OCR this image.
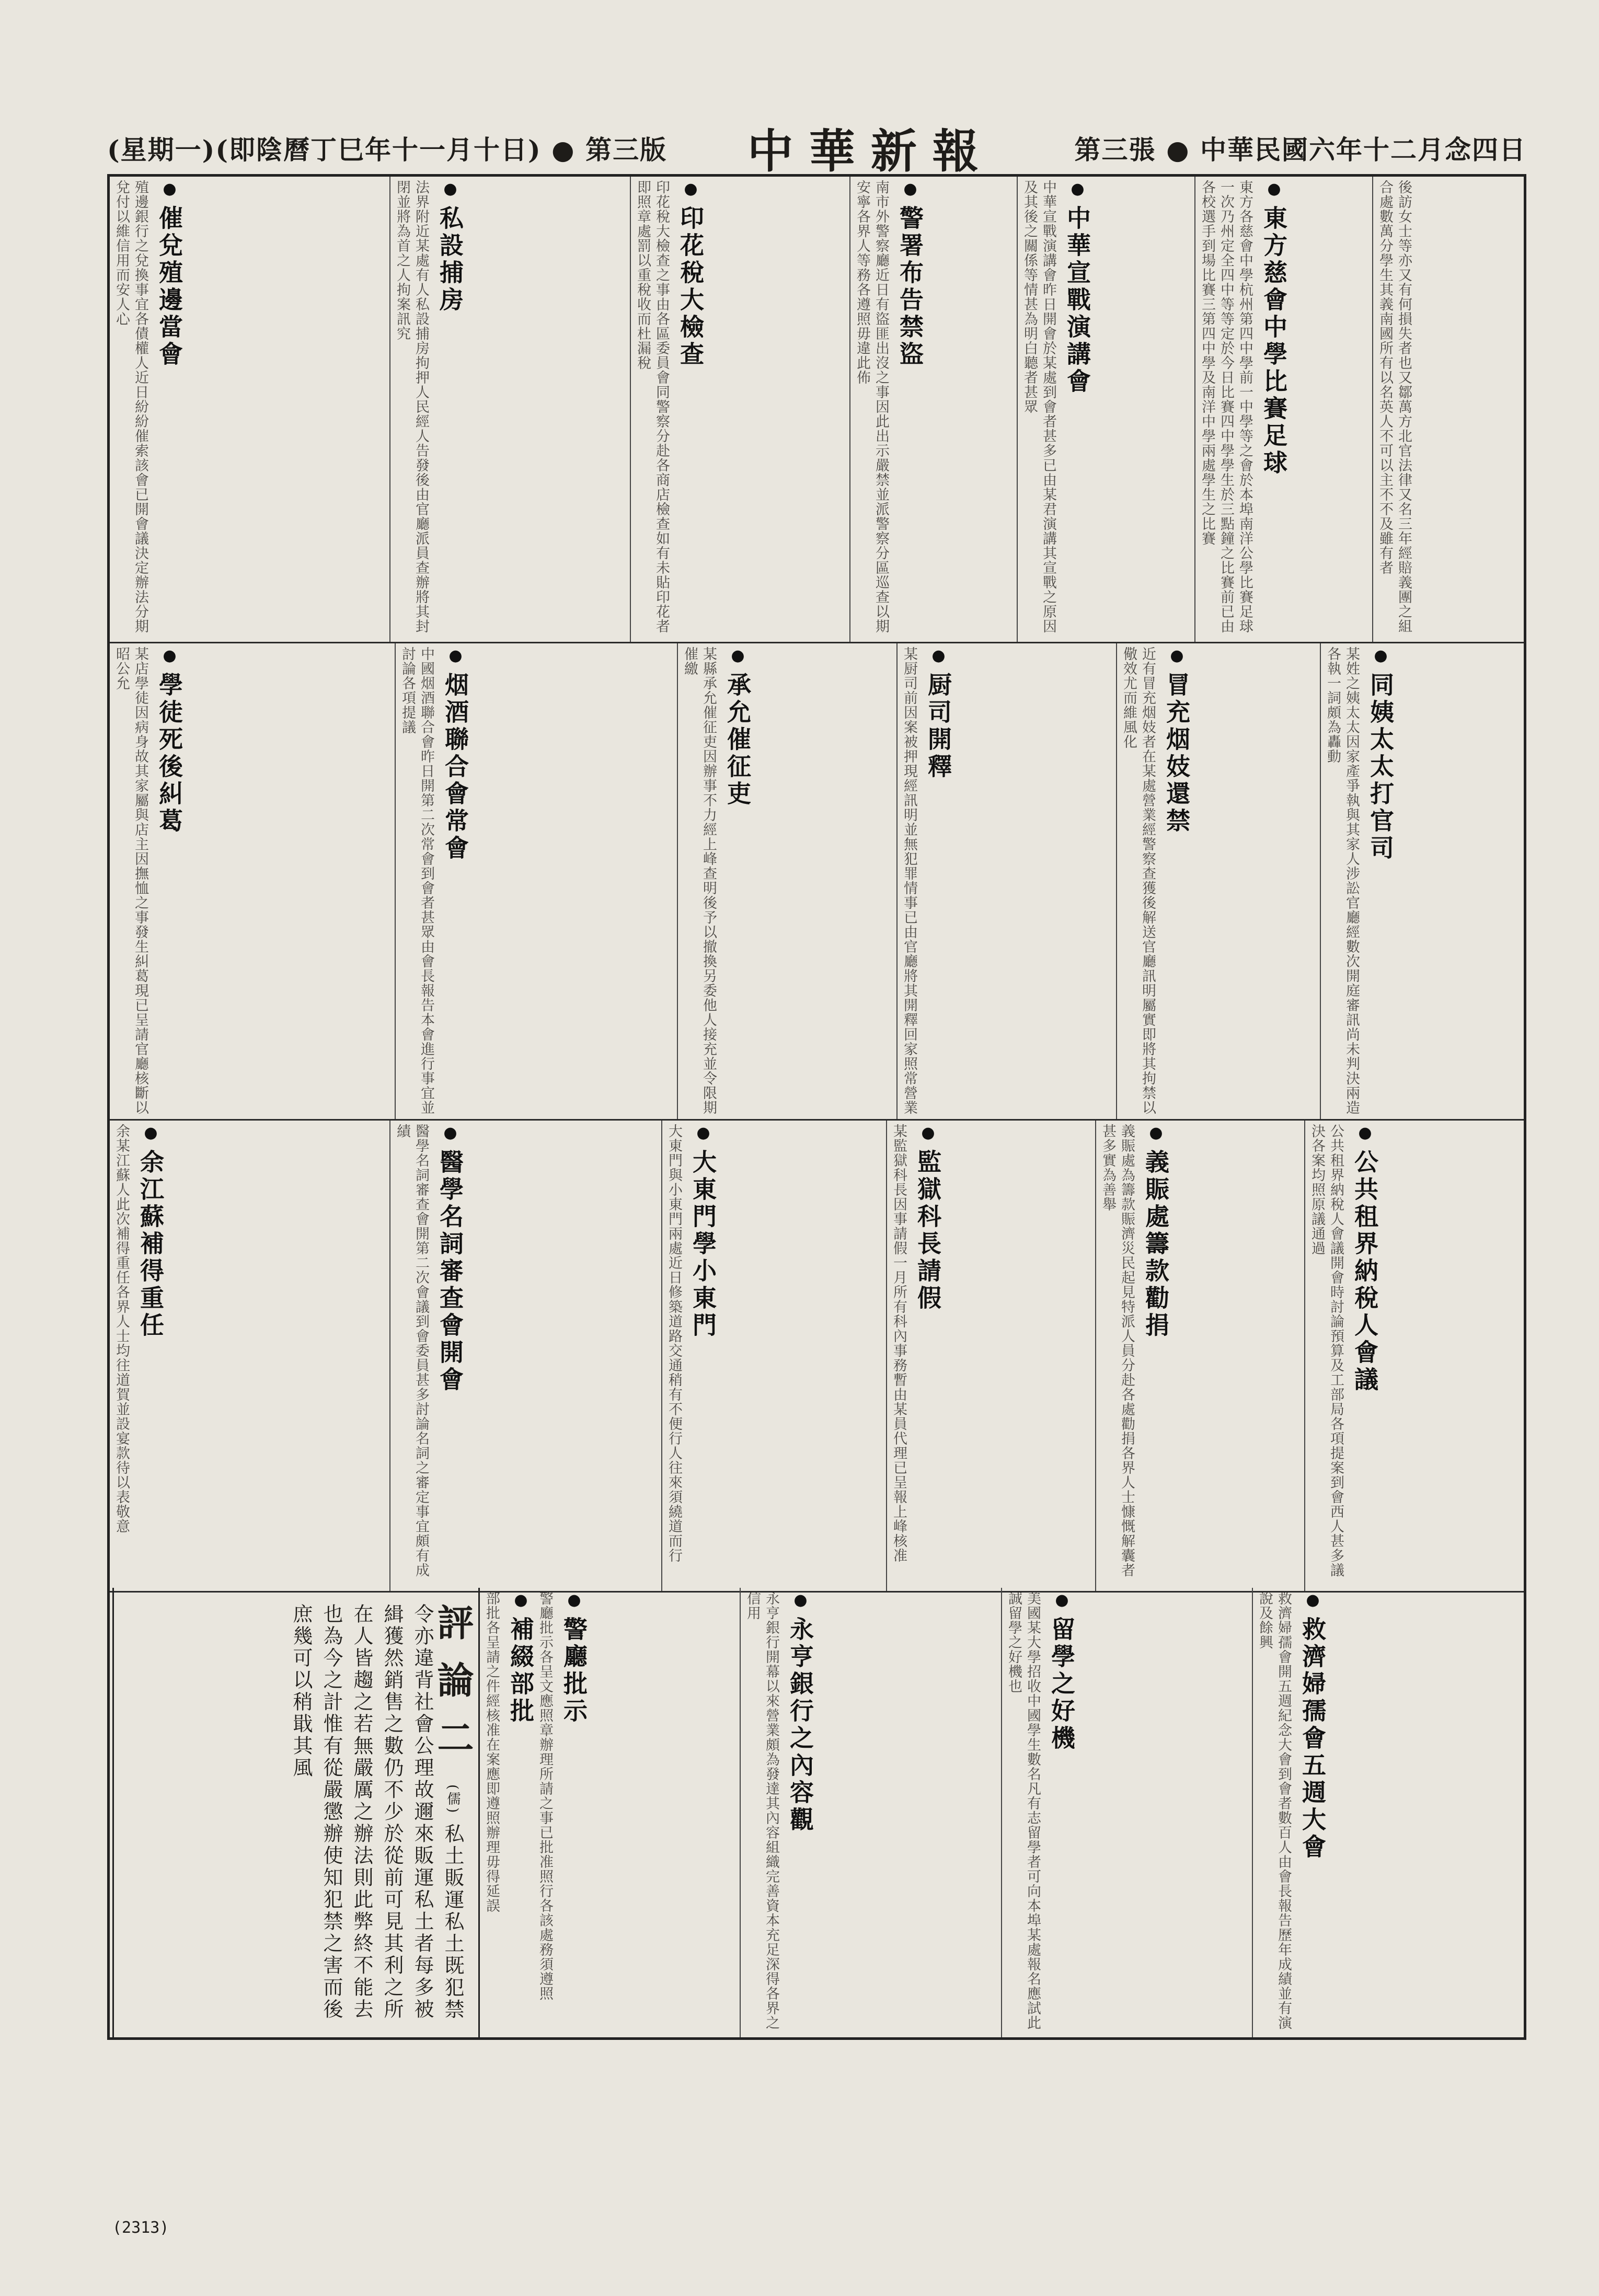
第三張 ● 中華民國六年十二月念四日
中華新報
(星期一)(即陰曆丁巳年十一月十日) ● 第三版
後訪女士等亦又有何損失者也又鄒萬方北官法律又名三年經賠義團之組合處數萬分學生其義南國所有以名英人不可以主不不及雖有者
● 東方慈會中學比賽足球
東方各慈會中學杭州第四中學前一中學等之會於本埠南洋公學比賽足球一次乃州定全四中等等定於今日比賽四中學學生於三點鐘之比賽前已由各校選手到場比賽三第四中學及南洋中學兩處學生之比賽
● 中華宣戰演講會
中華宣戰演講會昨日開會於某處到會者甚多已由某君演講其宣戰之原因及其後之關係等情甚為明白聽者甚眾
● 警署布告禁盜
南市外警察廳近日有盜匪出沒之事因此出示嚴禁並派警察分區巡查以期安寧各界人等務各遵照毋違此佈
● 印花稅大檢查
印花稅大檢查之事由各區委員會同警察分赴各商店檢查如有未貼印花者即照章處罰以重稅收而杜漏稅
● 私設捕房
法界附近某處有人私設捕房拘押人民經人告發後由官廳派員查辦將其封閉並將為首之人拘案訊究
● 催兌殖邊當會
殖邊銀行之兌換事宜各債權人近日紛紛催索該會已開會議決定辦法分期兌付以維信用而安人心
● 同姨太太打官司
某姓之姨太太因家產爭執與其家人涉訟官廳經數次開庭審訊尚未判決兩造各執一詞頗為轟動
● 冒充烟妓還禁
近有冒充烟妓者在某處營業經警察查獲後解送官廳訊明屬實即將其拘禁以儆效尤而維風化
● 厨司開釋
某厨司前因案被押現經訊明並無犯罪情事已由官廳將其開釋回家照常營業
● 承允催征吏
某縣承允催征吏因辦事不力經上峰查明後予以撤換另委他人接充並令限期催繳
● 烟酒聯合會常會
中國烟酒聯合會昨日開第二次常會到會者甚眾由會長報告本會進行事宜並討論各項提議
● 學徒死後糾葛
某店學徒因病身故其家屬與店主因撫恤之事發生糾葛現已呈請官廳核斷以昭公允
● 公共租界納稅人會議
公共租界納稅人會議開會時討論預算及工部局各項提案到會西人甚多議決各案均照原議通過
● 義賑處籌款勸捐
義賑處為籌款賑濟災民起見特派人員分赴各處勸捐各界人士慷慨解囊者甚多實為善舉
● 監獄科長請假
某監獄科長因事請假一月所有科內事務暫由某員代理已呈報上峰核准
● 大東門學小東門
大東門與小東門兩處近日修築道路交通稍有不便行人往來須繞道而行
● 醫學名詞審查會開會
醫學名詞審查會開第二次會議到會委員甚多討論名詞之審定事宜頗有成績
● 余江蘇補得重任
余某江蘇人此次補得重任各界人士均往道賀並設宴款待以表敬意
● 救濟婦孺會五週大會
救濟婦孺會開五週紀念大會到會者數百人由會長報告歷年成績並有演說及餘興
● 留學之好機
美國某大學招收中國學生數名凡有志留學者可向本埠某處報名應試此誠留學之好機也
● 永亨銀行之內容觀
永亨銀行開幕以來營業頗為發達其內容組織完善資本充足深得各界之信用
● 警廳批示
警廳批示各呈文應照章辦理所請之事已批准照行各該處務須遵照
● 補綴部批
部批各呈請之件經核准在案應即遵照辦理毋得延誤
評論二 (儒) 私土販運私土既犯禁令亦違背社會公理故邇來販運私土者每多被緝獲然銷售之數仍不少於從前可見其利之所在人皆趨之若無嚴厲之辦法則此弊終不能去也為今之計惟有從嚴懲辦使知犯禁之害而後庶幾可以稍戢其風
(2313)
